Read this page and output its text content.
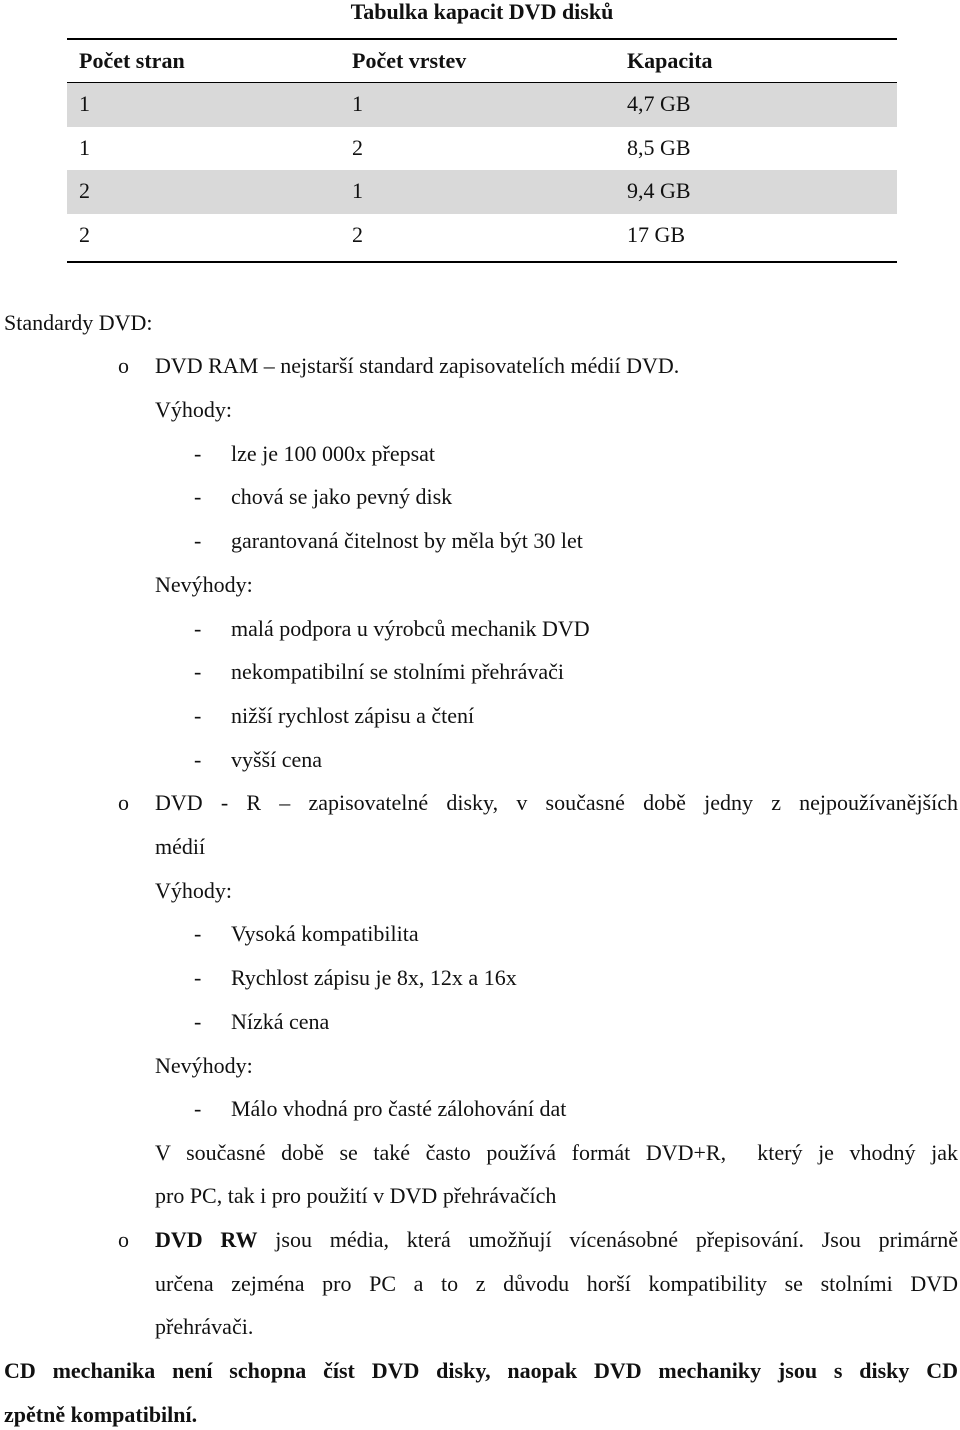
Tabulka kapacit DVD disků
Počet stran	Počet vrstev	Kapacita
1	1	4,7 GB
1	2	8,5 GB
2	1	9,4 GB
2	2	17 GB
Standardy DVD:
o DVD RAM – nejstarší standard zapisovatelích médií DVD.
Výhody:
- lze je 100 000x přepsat
- chová se jako pevný disk
- garantovaná čitelnost by měla být 30 let
Nevýhody:
- malá podpora u výrobců mechanik DVD
- nekompatibilní se stolními přehrávači
- nižší rychlost zápisu a čtení
- vyšší cena
o DVD - R – zapisovatelné disky, v současné době jedny z nejpoužívanějších
médií
Výhody:
- Vysoká kompatibilita
- Rychlost zápisu je 8x, 12x a 16x
- Nízká cena
Nevýhody:
- Málo vhodná pro časté zálohování dat
V současné době se také často používá formát DVD+R,  který je vhodný jak
pro PC, tak i pro použití v DVD přehrávačích
o DVD RW jsou média, která umožňují vícenásobné přepisování. Jsou primárně
určena zejména pro PC a to z důvodu horší kompatibility se stolními DVD
přehrávači.
CD mechanika není schopna číst DVD disky, naopak DVD mechaniky jsou s disky CD
zpětně kompatibilní.
